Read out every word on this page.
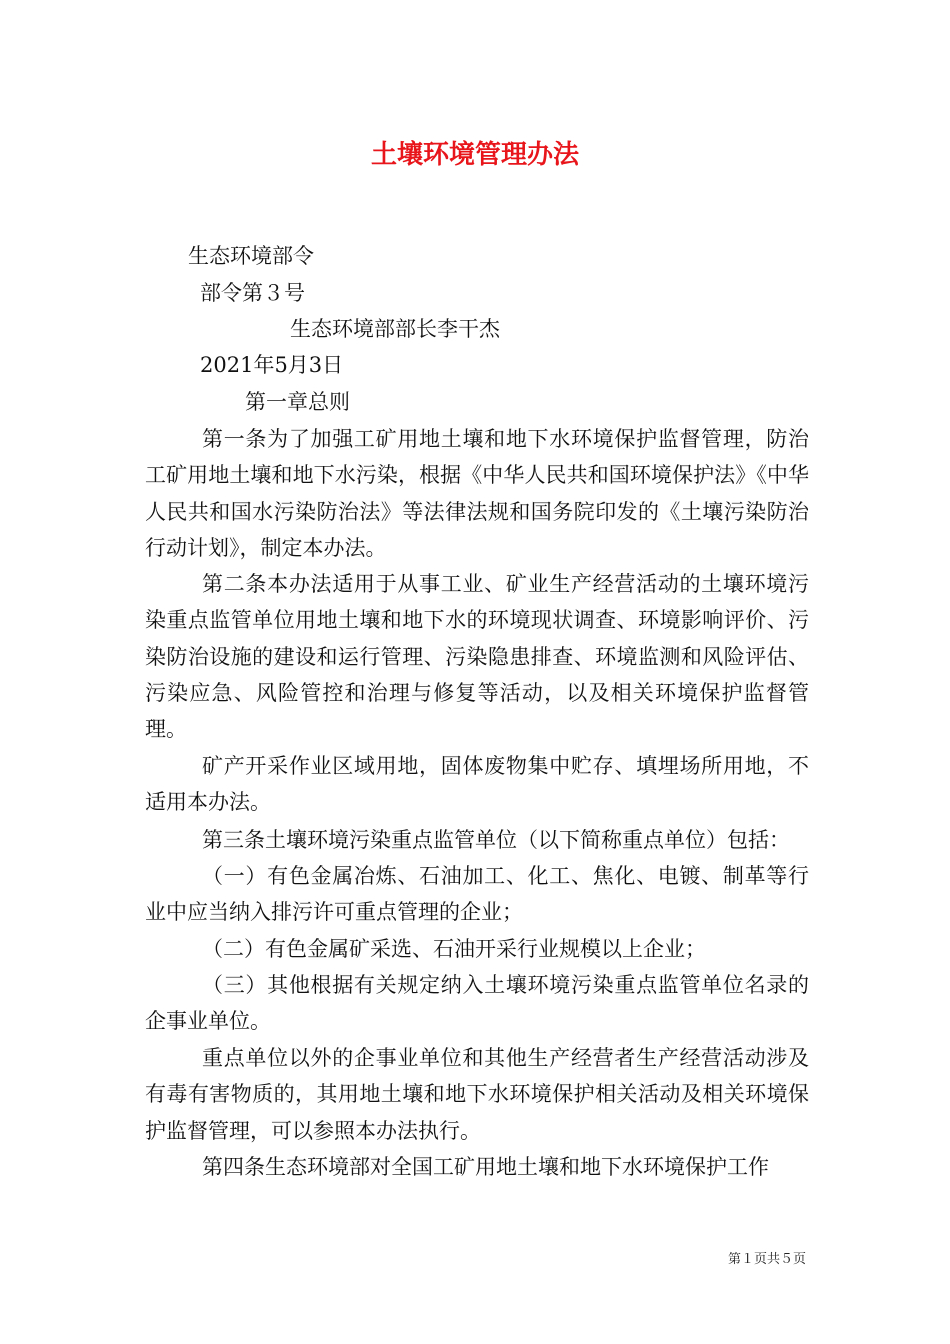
土壤环境管理办法
生态环境部令
部令第３号
生态环境部部长李干杰
2021年5月3日
第一章总则

第一条为了加强工矿用地土壤和地下水环境保护监督管理，防治工矿用地土壤和地下水污染，根据《中华人民共和国环境保护法》《中华人民共和国水污染防治法》等法律法规和国务院印发的《土壤污染防治行动计划》，制定本办法。

第二条本办法适用于从事工业、矿业生产经营活动的土壤环境污染重点监管单位用地土壤和地下水的环境现状调查、环境影响评价、污染防治设施的建设和运行管理、污染隐患排查、环境监测和风险评估、污染应急、风险管控和治理与修复等活动，以及相关环境保护监督管理。

矿产开采作业区域用地，固体废物集中贮存、填埋场所用地，不适用本办法。

第三条土壤环境污染重点监管单位（以下简称重点单位）包括：

（一）有色金属冶炼、石油加工、化工、焦化、电镀、制革等行业中应当纳入排污许可重点管理的企业；

（二）有色金属矿采选、石油开采行业规模以上企业；

（三）其他根据有关规定纳入土壤环境污染重点监管单位名录的企事业单位。

重点单位以外的企事业单位和其他生产经营者生产经营活动涉及有毒有害物质的，其用地土壤和地下水环境保护相关活动及相关环境保护监督管理，可以参照本办法执行。

第四条生态环境部对全国工矿用地土壤和地下水环境保护工作

第１页共５页
